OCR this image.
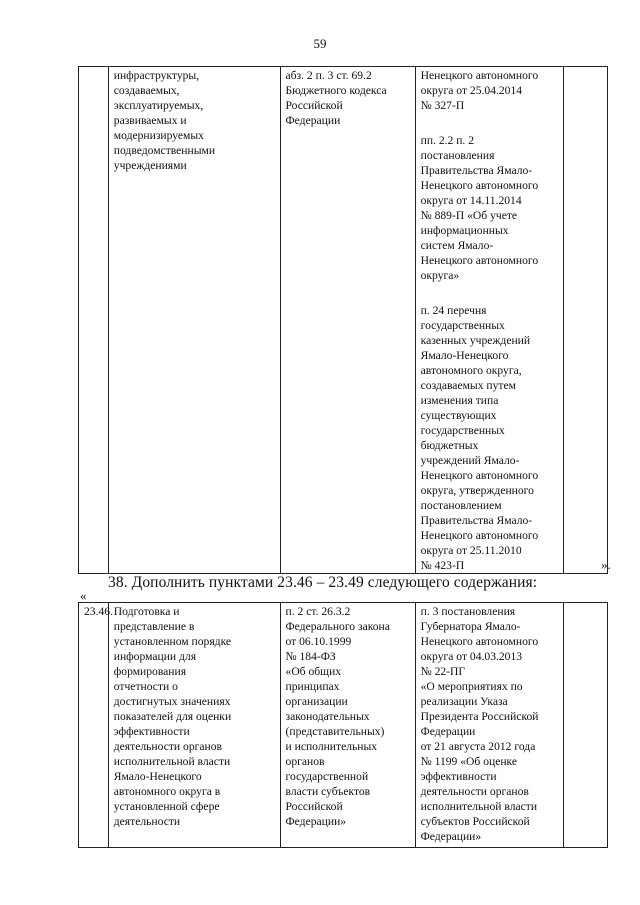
59

инфраструктуры,
создаваемых,
эксплуатируемых,
развиваемых и
модернизируемых
подведомственными
учреждениями

абз. 2 п. 3 ст. 69.2
Бюджетного кодекса
Российской
Федерации

Ненецкого автономного
округа от 25.04.2014
№ 327-П
пп. 2.2 п. 2
постановления
Правительства Ямало-
Ненецкого автономного
округа от 14.11.2014
№ 889-П «Об учете
информационных
систем Ямало-
Ненецкого автономного
округа»
п. 24 перечня
государственных
казенных учреждений
Ямало-Ненецкого
автономного округа,
создаваемых путем
изменения типа
существующих
государственных
бюджетных
учреждений Ямало-
Ненецкого автономного
округа, утвержденного
постановлением
Правительства Ямало-
Ненецкого автономного
округа от 25.11.2010
№ 423-П
		».
38. Дополнить пунктами 23.46 – 23.49 следующего содержания:
«
23.46.	Подготовка и
представление в
установленном порядке
информации для
формирования
отчетности о
достигнутых значениях
показателей для оценки
эффективности
деятельности органов
исполнительной власти
Ямало-Ненецкого
автономного округа в
установленной сфере
деятельности

п. 2 ст. 26.3.2
Федерального закона
от 06.10.1999
№ 184-ФЗ
«Об общих
принципах
организации
законодательных
(представительных)
и исполнительных
органов
государственной
власти субъектов
Российской
Федерации»

п. 3 постановления
Губернатора Ямало-
Ненецкого автономного
округа от 04.03.2013
№ 22-ПГ
«О мероприятиях по
реализации Указа
Президента Российской
Федерации
от 21 августа 2012 года
№ 1199 «Об оценке
эффективности
деятельности органов
исполнительной власти
субъектов Российской
Федерации»
